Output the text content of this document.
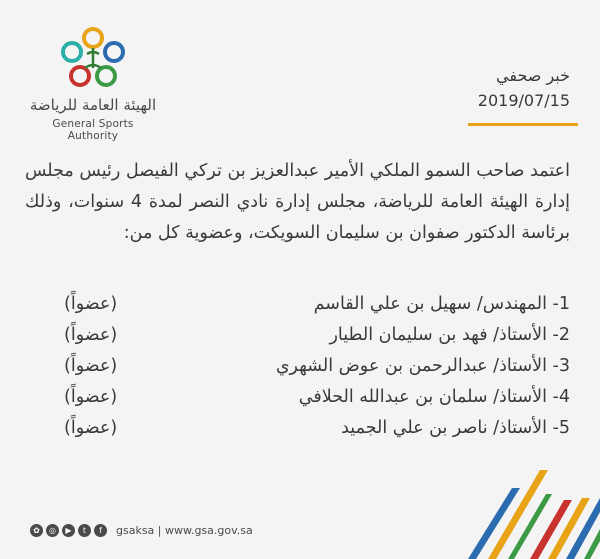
الهيئة العامة للرياضة
General Sports Authority
خبر صحفي
2019/07/15
اعتمد صاحب السمو الملكي الأمير عبدالعزيز بن تركي الفيصل رئيس مجلس إدارة الهيئة العامة للرياضة، مجلس إدارة نادي النصر لمدة 4 سنوات، وذلك برئاسة الدكتور صفوان بن سليمان السويكت، وعضوية كل من:
1- المهندس/ سهيل بن علي القاسم
(عضواً)
2- الأستاذ/ فهد بن سليمان الطيار
(عضواً)
3- الأستاذ/ عبدالرحمن بن عوض الشهري
(عضواً)
4- الأستاذ/ سلمان بن عبدالله الحلافي
(عضواً)
5- الأستاذ/ ناصر بن علي الجميد
(عضواً)
✿	◎	▶	t	f	gsaksa | www.gsa.gov.sa
